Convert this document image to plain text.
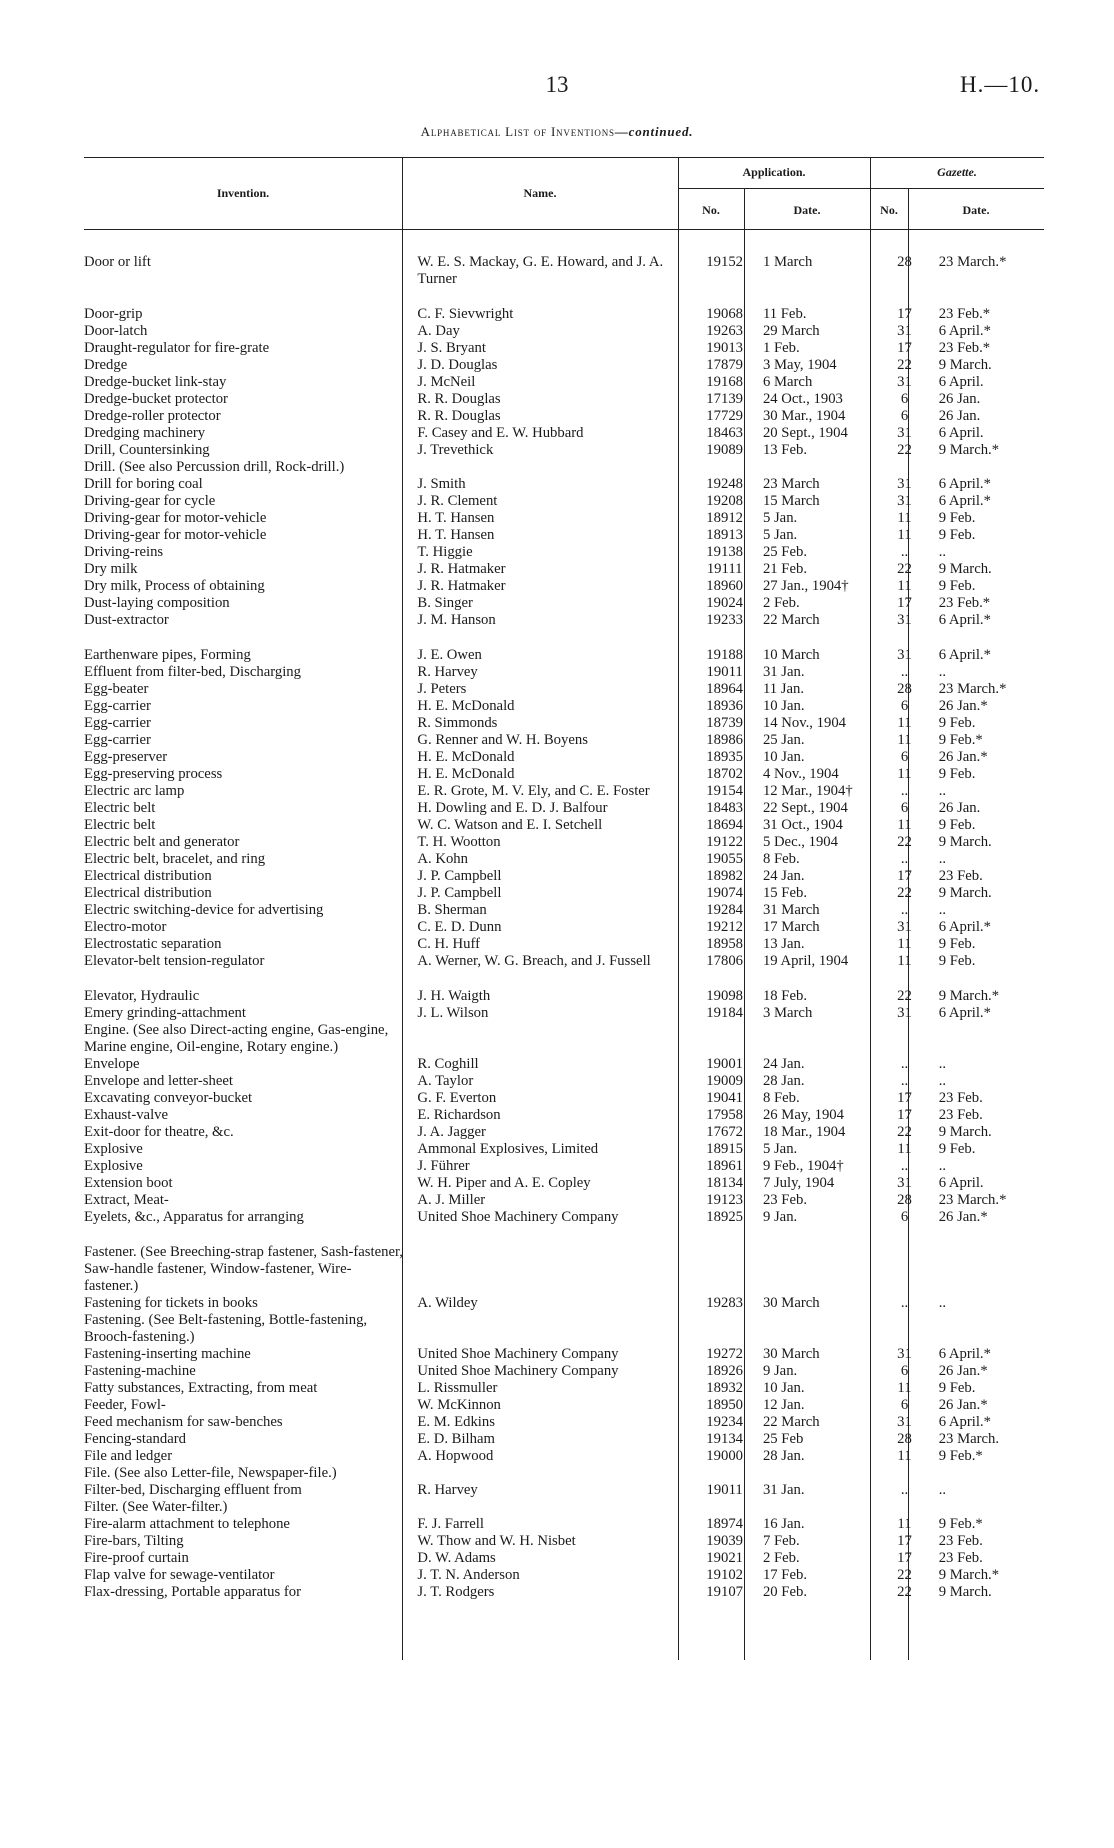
13	H.—10.
Alphabetical List of Inventions—continued.
Invention.	Name.
Application.	Gazette.
No.	Date.	No.	Date.
Door or lift	W. E. S. Mackay, G. E. Howard, and J. A. Turner	19152	1 March	28	23 March.*

Door-grip	C. F. Sievwright	19068	11 Feb.	17	23 Feb.*
Door-latch	A. Day	19263	29 March	31	6 April.*
Draught-regulator for fire-grate	J. S. Bryant	19013	1 Feb.	17	23 Feb.*
Dredge	J. D. Douglas	17879	3 May, 1904	22	9 March.
Dredge-bucket link-stay	J. McNeil	19168	6 March	31	6 April.
Dredge-bucket protector	R. R. Douglas	17139	24 Oct., 1903	6	26 Jan.
Dredge-roller protector	R. R. Douglas	17729	30 Mar., 1904	6	26 Jan.
Dredging machinery	F. Casey and E. W. Hubbard	18463	20 Sept., 1904	31	6 April.
Drill, Countersinking	J. Trevethick	19089	13 Feb.	22	9 March.*
Drill. (See also Percussion drill, Rock-drill.)					
Drill for boring coal	J. Smith	19248	23 March	31	6 April.*
Driving-gear for cycle	J. R. Clement	19208	15 March	31	6 April.*
Driving-gear for motor-vehicle	H. T. Hansen	18912	5 Jan.	11	9 Feb.
Driving-gear for motor-vehicle	H. T. Hansen	18913	5 Jan.	11	9 Feb.
Driving-reins	T. Higgie	19138	25 Feb.	..	..
Dry milk	J. R. Hatmaker	19111	21 Feb.	22	9 March.
Dry milk, Process of obtaining	J. R. Hatmaker	18960	27 Jan., 1904†	11	9 Feb.
Dust-laying composition	B. Singer	19024	2 Feb.	17	23 Feb.*
Dust-extractor	J. M. Hanson	19233	22 March	31	6 April.*

Earthenware pipes, Forming	J. E. Owen	19188	10 March	31	6 April.*
Effluent from filter-bed, Discharging	R. Harvey	19011	31 Jan.	..	..
Egg-beater	J. Peters	18964	11 Jan.	28	23 March.*
Egg-carrier	H. E. McDonald	18936	10 Jan.	6	26 Jan.*
Egg-carrier	R. Simmonds	18739	14 Nov., 1904	11	9 Feb.
Egg-carrier	G. Renner and W. H. Boyens	18986	25 Jan.	11	9 Feb.*
Egg-preserver	H. E. McDonald	18935	10 Jan.	6	26 Jan.*
Egg-preserving process	H. E. McDonald	18702	4 Nov., 1904	11	9 Feb.
Electric arc lamp	E. R. Grote, M. V. Ely, and C. E. Foster	19154	12 Mar., 1904†	..	..
Electric belt	H. Dowling and E. D. J. Balfour	18483	22 Sept., 1904	6	26 Jan.
Electric belt	W. C. Watson and E. I. Setchell	18694	31 Oct., 1904	11	9 Feb.
Electric belt and generator	T. H. Wootton	19122	5 Dec., 1904	22	9 March.
Electric belt, bracelet, and ring	A. Kohn	19055	8 Feb.	..	..
Electrical distribution	J. P. Campbell	18982	24 Jan.	17	23 Feb.
Electrical distribution	J. P. Campbell	19074	15 Feb.	22	9 March.
Electric switching-device for advertising	B. Sherman	19284	31 March	..	..
Electro-motor	C. E. D. Dunn	19212	17 March	31	6 April.*
Electrostatic separation	C. H. Huff	18958	13 Jan.	11	9 Feb.
Elevator-belt tension-regulator	A. Werner, W. G. Breach, and J. Fussell	17806	19 April, 1904	11	9 Feb.

Elevator, Hydraulic	J. H. Waigth	19098	18 Feb.	22	9 March.*
Emery grinding-attachment	J. L. Wilson	19184	3 March	31	6 April.*
Engine. (See also Direct-acting engine, Gas-engine, Marine engine, Oil-engine, Rotary engine.)					
Envelope	R. Coghill	19001	24 Jan.	..	..
Envelope and letter-sheet	A. Taylor	19009	28 Jan.	..	..
Excavating conveyor-bucket	G. F. Everton	19041	8 Feb.	17	23 Feb.
Exhaust-valve	E. Richardson	17958	26 May, 1904	17	23 Feb.
Exit-door for theatre, &c.	J. A. Jagger	17672	18 Mar., 1904	22	9 March.
Explosive	Ammonal Explosives, Limited	18915	5 Jan.	11	9 Feb.
Explosive	J. Führer	18961	9 Feb., 1904†	..	..
Extension boot	W. H. Piper and A. E. Copley	18134	7 July, 1904	31	6 April.
Extract, Meat-	A. J. Miller	19123	23 Feb.	28	23 March.*
Eyelets, &c., Apparatus for arranging	United Shoe Machinery Company	18925	9 Jan.	6	26 Jan.*

Fastener. (See Breeching-strap fastener, Sash-fastener, Saw-handle fastener, Window-fastener, Wire-fastener.)					
Fastening for tickets in books	A. Wildey	19283	30 March	..	..
Fastening. (See Belt-fastening, Bottle-fastening, Brooch-fastening.)					
Fastening-inserting machine	United Shoe Machinery Company	19272	30 March	31	6 April.*
Fastening-machine	United Shoe Machinery Company	18926	9 Jan.	6	26 Jan.*
Fatty substances, Extracting, from meat	L. Rissmuller	18932	10 Jan.	11	9 Feb.
Feeder, Fowl-	W. McKinnon	18950	12 Jan.	6	26 Jan.*
Feed mechanism for saw-benches	E. M. Edkins	19234	22 March	31	6 April.*
Fencing-standard	E. D. Bilham	19134	25 Feb	28	23 March.
File and ledger	A. Hopwood	19000	28 Jan.	11	9 Feb.*
File. (See also Letter-file, Newspaper-file.)					
Filter-bed, Discharging effluent from	R. Harvey	19011	31 Jan.	..	..
Filter. (See Water-filter.)					
Fire-alarm attachment to telephone	F. J. Farrell	18974	16 Jan.	11	9 Feb.*
Fire-bars, Tilting	W. Thow and W. H. Nisbet	19039	7 Feb.	17	23 Feb.
Fire-proof curtain	D. W. Adams	19021	2 Feb.	17	23 Feb.
Flap valve for sewage-ventilator	J. T. N. Anderson	19102	17 Feb.	22	9 March.*
Flax-dressing, Portable apparatus for	J. T. Rodgers	19107	20 Feb.	22	9 March.
